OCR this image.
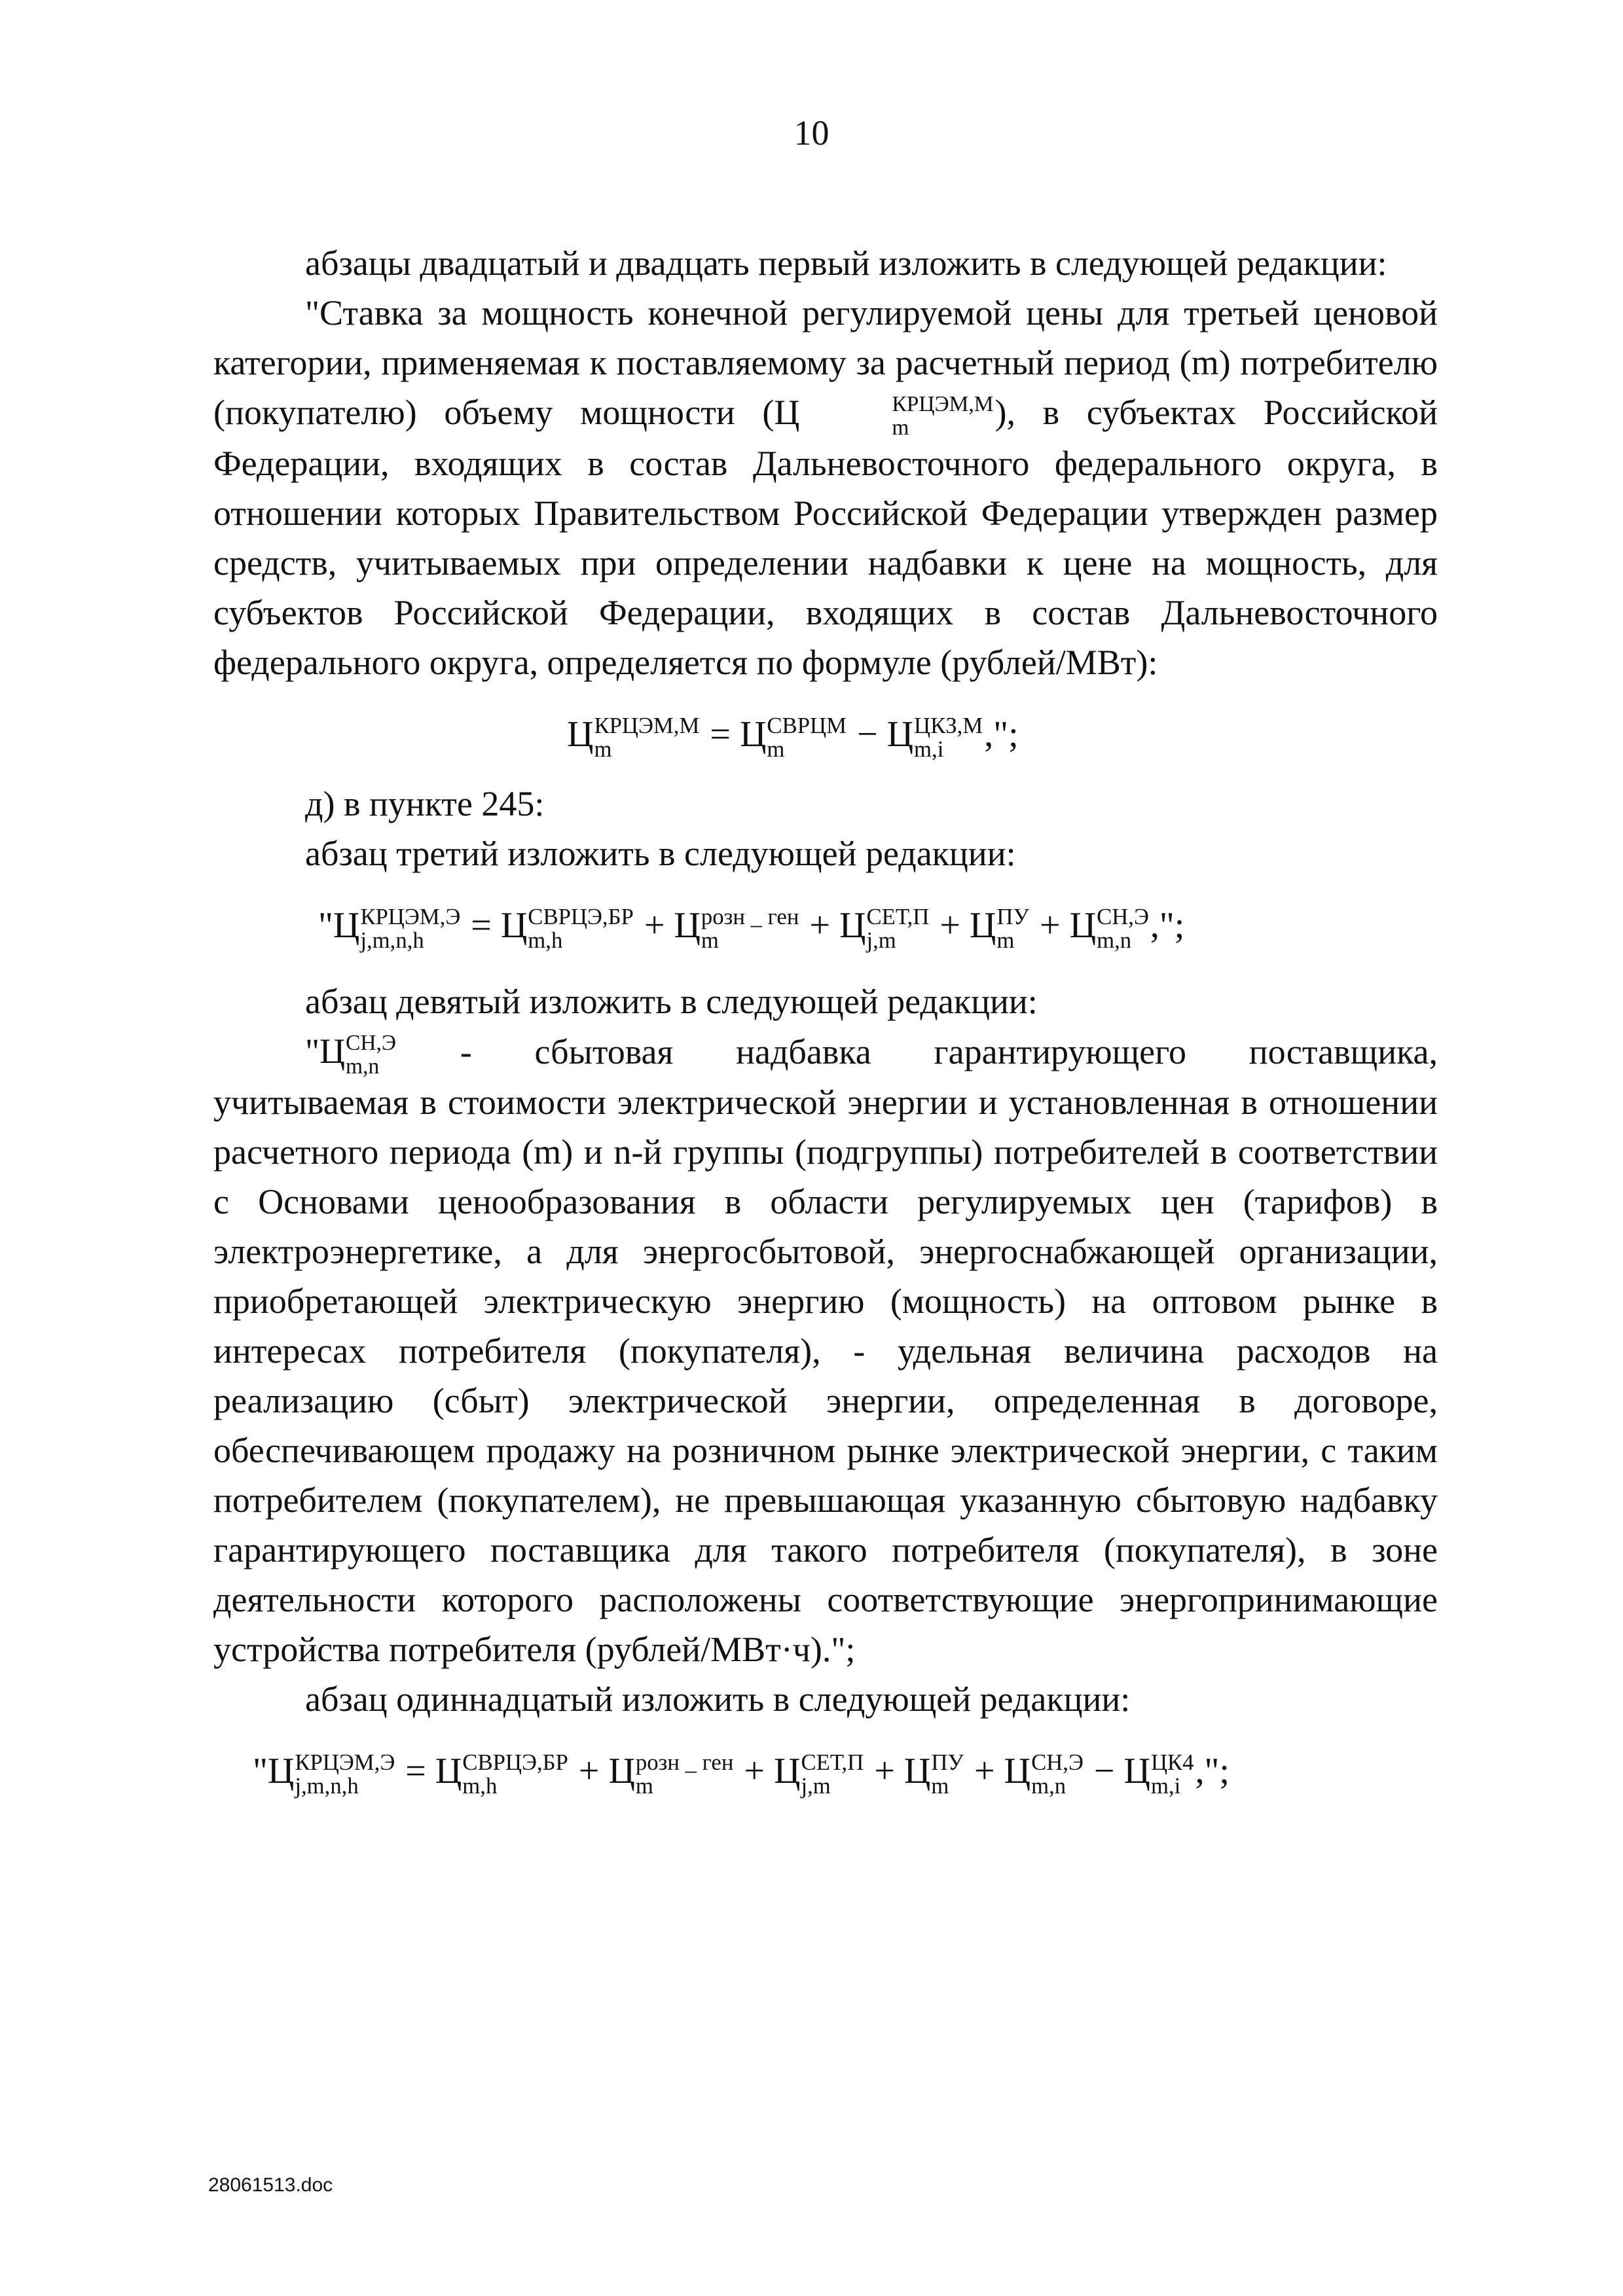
10

абзацы двадцатый и двадцать первый изложить в следующей редакции:

"Ставка за мощность конечной регулируемой цены для третьей ценовой категории, применяемая к поставляемому за расчетный период (m) потребителю (покупателю) объему мощности (Ц	КРЦЭМ,М
m	), в субъектах Российской Федерации, входящих в состав Дальневосточного федерального округа, в отношении которых Правительством Российской Федерации утвержден размер средств, учитываемых при определении надбавки к цене на мощность, для субъектов Российской Федерации, входящих в состав Дальневосточного федерального округа, определяется по формуле (рублей/МВт):

Ц КРЦЭМ,М
m	= Ц СВРЦМ
m	− Ц ЦКЗ,М
m,i	,";

д) в пункте 245:

абзац третий изложить в следующей редакции:

"Ц КРЦЭМ,Э
j,m,n,h	= Ц СВРЦЭ,БР
m,h	+ Ц розн _ ген
m	+ Ц СЕТ,П
j,m	+ Ц ПУ
m + Ц СН,Э
m,n ,";

абзац девятый изложить в следующей редакции:

"Ц СН,Э
m,n	- сбытовая надбавка гарантирующего поставщика,

учитываемая в стоимости электрической энергии и установленная в отношении расчетного периода (m) и n-й группы (подгруппы) потребителей в соответствии с Основами ценообразования в области регулируемых цен (тарифов) в электроэнергетике, а для энергосбытовой, энергоснабжающей организации, приобретающей электрическую энергию (мощность) на оптовом рынке в интересах потребителя (покупателя), - удельная величина расходов на реализацию (сбыт) электрической энергии, определенная в договоре, обеспечивающем продажу на розничном рынке электрической энергии, с таким потребителем (покупателем), не превышающая указанную сбытовую надбавку гарантирующего поставщика для такого потребителя (покупателя), в зоне деятельности которого расположены соответствующие энергопринимающие устройства потребителя (рублей/МВт·ч).";

абзац одиннадцатый изложить в следующей редакции:

"Ц КРЦЭМ,Э
j,m,n,h	= Ц СВРЦЭ,БР
m,h	+ Ц розн _ ген
m	+ Ц СЕТ,П
j,m	+ Ц ПУ
m + Ц СН,Э
m,n − Ц ЦК4
m,i ,";
28061513.doc
